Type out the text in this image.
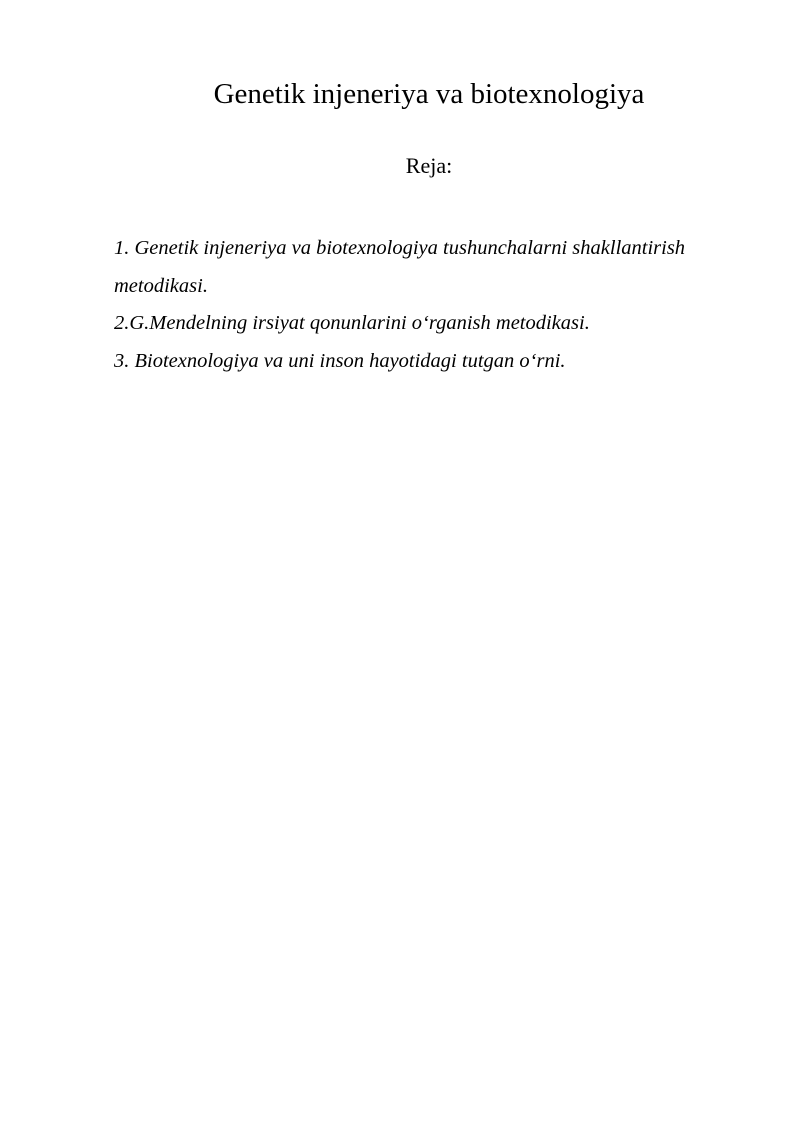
Genetik injeneriya va biotexnologiya

Reja:

1. Genetik injeneriya va biotexnologiya tushunchalarni shakllantirish metodikasi.
2.G.Mendelning irsiyat qonunlarini o‘rganish metodikasi.
3. Biotexnologiya va uni inson hayotidagi tutgan o‘rni.
